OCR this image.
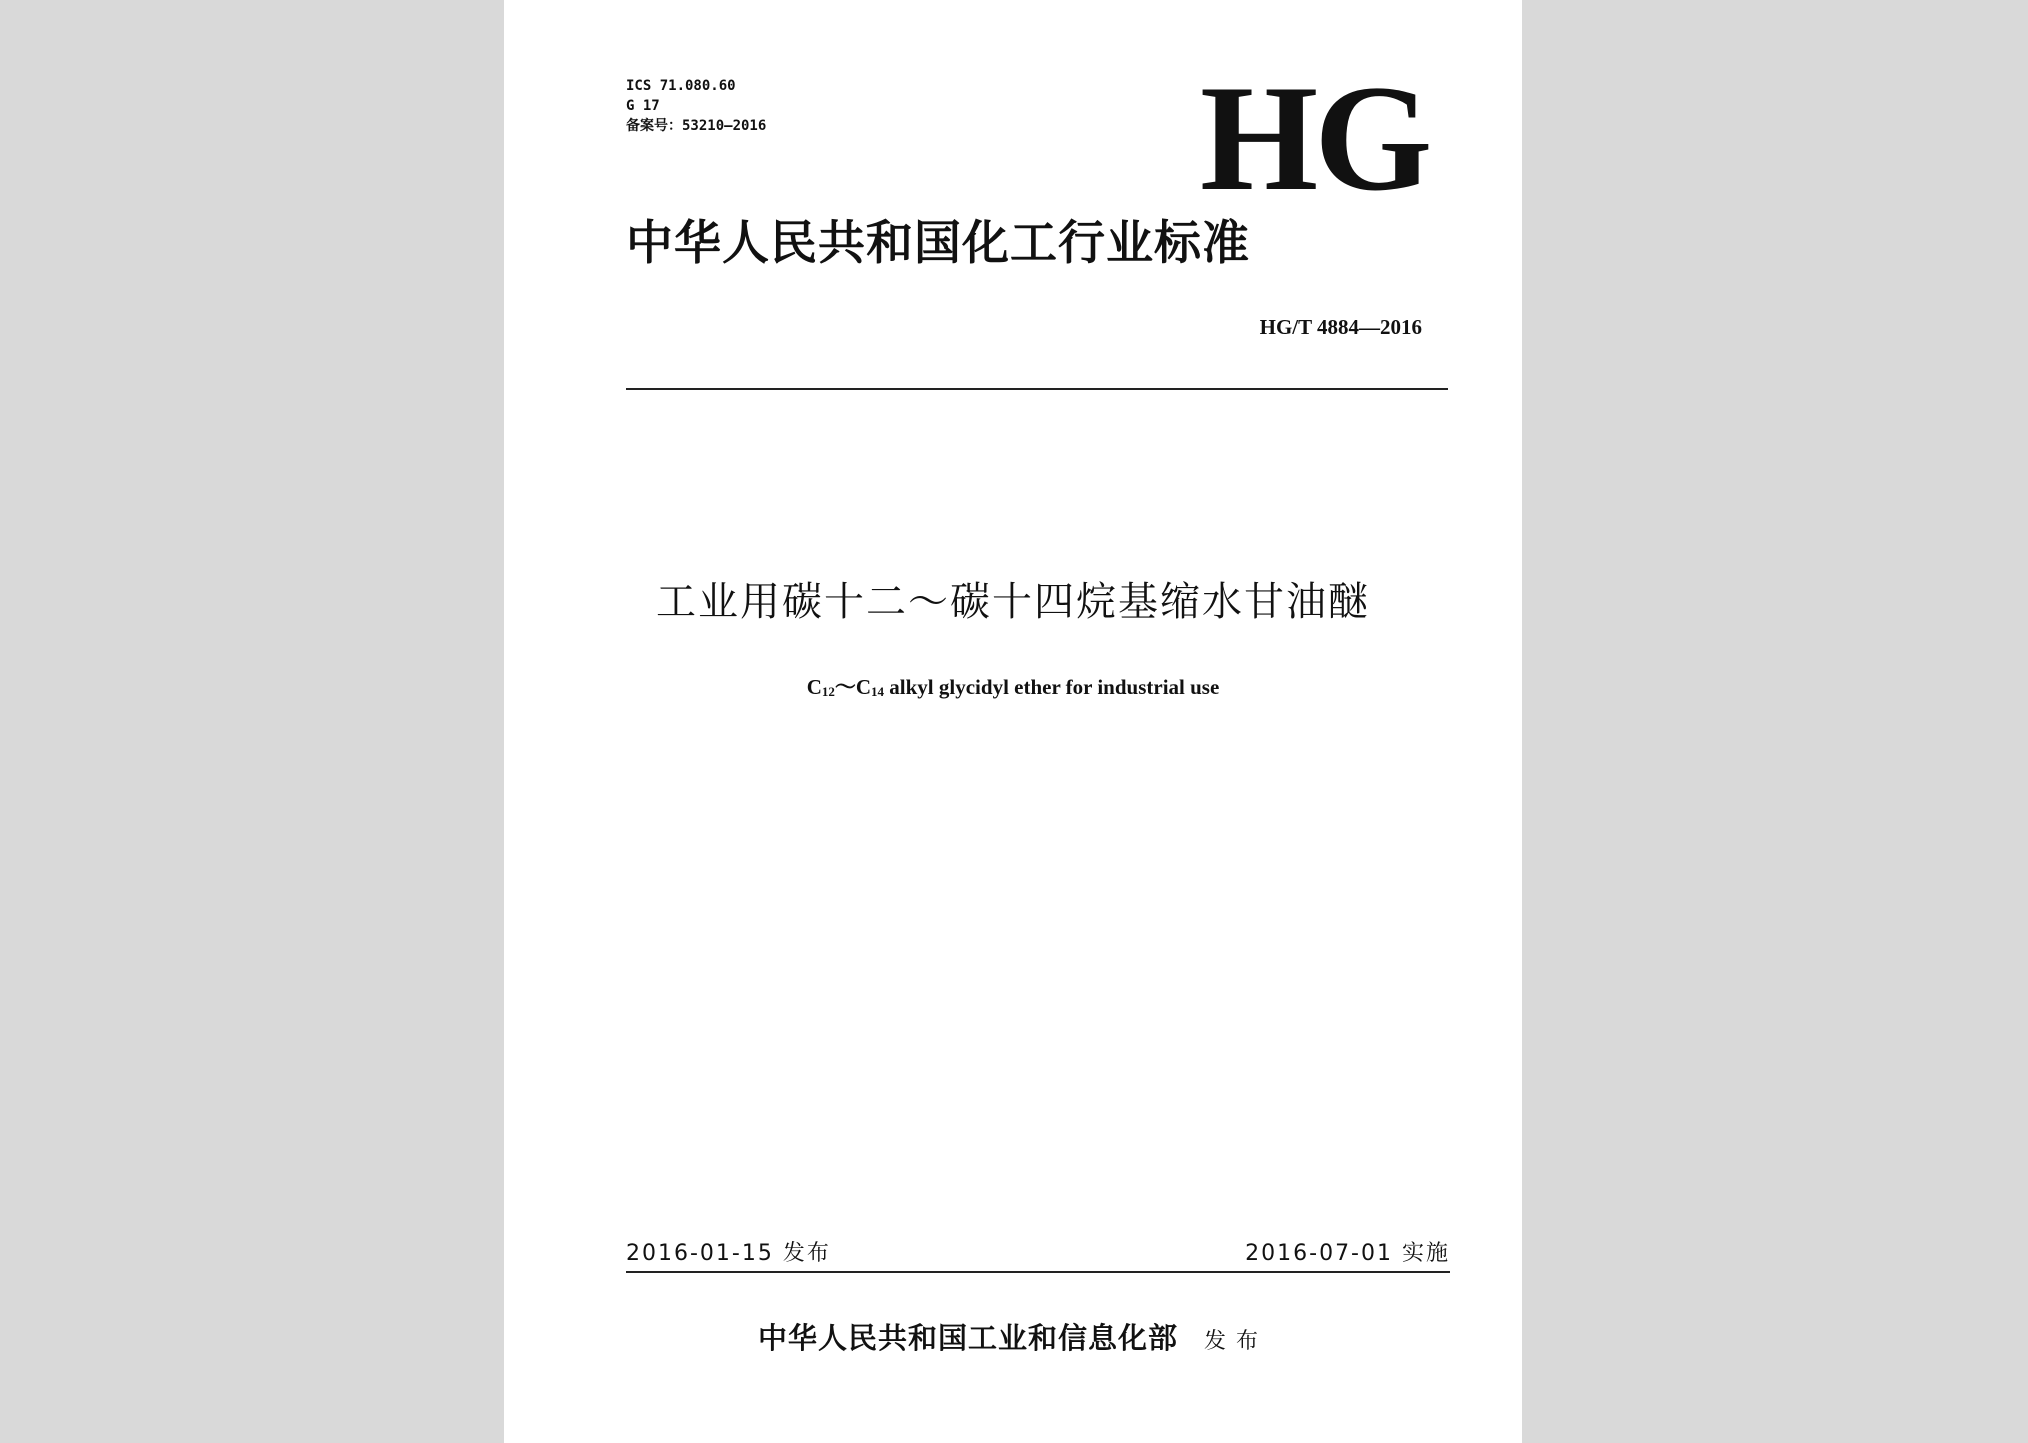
ICS 71.080.60
G 17
备案号：53210—2016	HG
中华人民共和国化工行业标准
HG/T 4884—2016
工业用碳十二～碳十四烷基缩水甘油醚
$C_{12}\sim C_{14}$ alkyl glycidyl ether for industrial use
2016-01-15 发布	2016-07-01 实施
中华人民共和国工业和信息化部 发布
